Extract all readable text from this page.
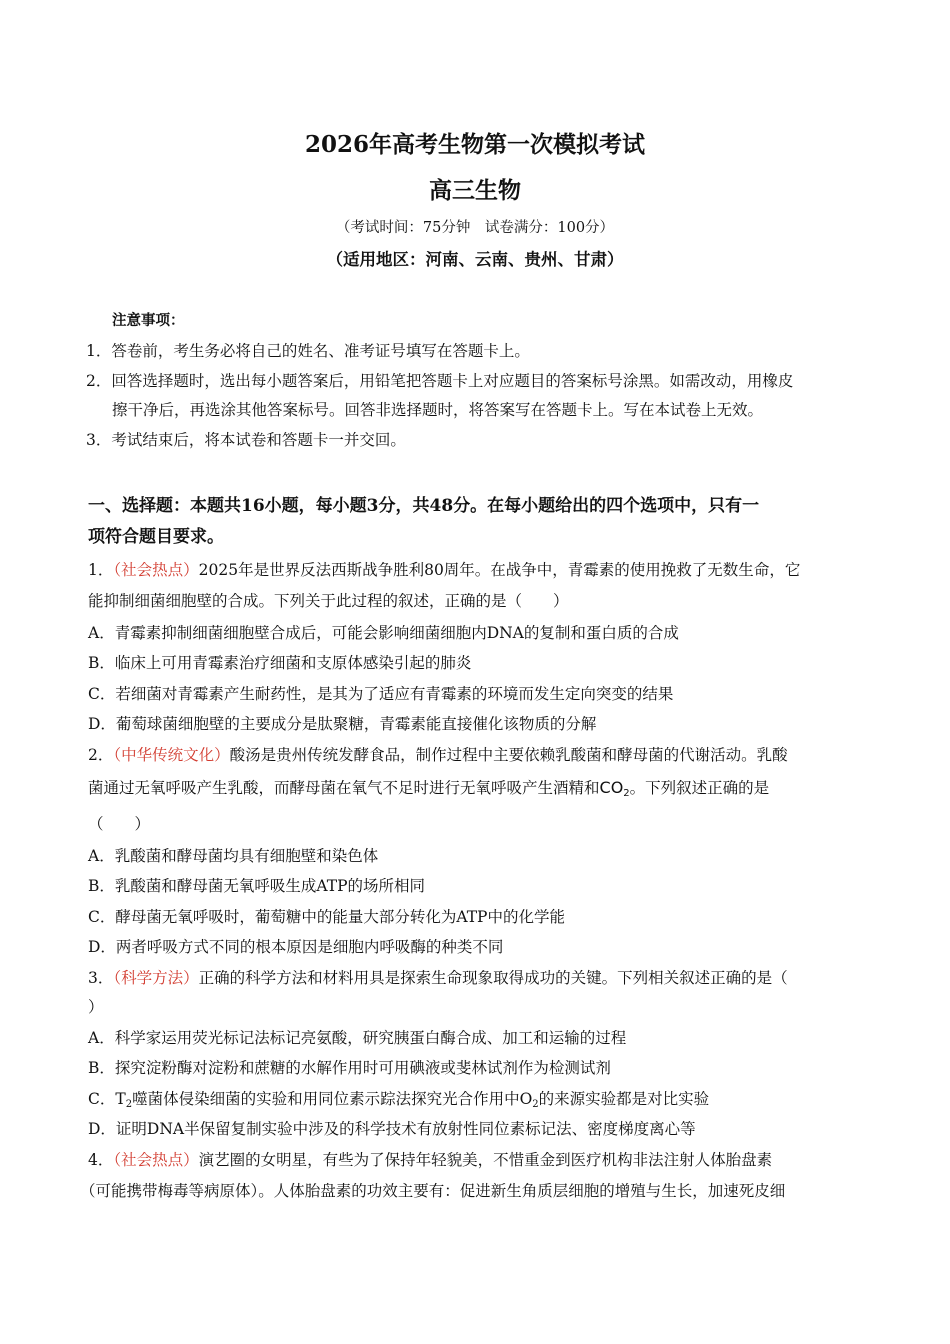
2026年高考生物第一次模拟考试
高三生物
（考试时间：75分钟　试卷满分：100分）
（适用地区：河南、云南、贵州、甘肃）
注意事项：
1．答卷前，考生务必将自己的姓名、准考证号填写在答题卡上。
2．回答选择题时，选出每小题答案后，用铅笔把答题卡上对应题目的答案标号涂黑。如需改动，用橡皮
擦干净后，再选涂其他答案标号。回答非选择题时，将答案写在答题卡上。写在本试卷上无效。
3．考试结束后，将本试卷和答题卡一并交回。
一、选择题：本题共16小题，每小题3分，共48分。在每小题给出的四个选项中，只有一
项符合题目要求。
1．（社会热点）2025年是世界反法西斯战争胜利80周年。在战争中，青霉素的使用挽救了无数生命，它
能抑制细菌细胞壁的合成。下列关于此过程的叙述，正确的是（　　）
A．青霉素抑制细菌细胞壁合成后，可能会影响细菌细胞内DNA的复制和蛋白质的合成
B．临床上可用青霉素治疗细菌和支原体感染引起的肺炎
C．若细菌对青霉素产生耐药性，是其为了适应有青霉素的环境而发生定向突变的结果
D．葡萄球菌细胞壁的主要成分是肽聚糖，青霉素能直接催化该物质的分解
2．（中华传统文化）酸汤是贵州传统发酵食品，制作过程中主要依赖乳酸菌和酵母菌的代谢活动。乳酸
菌通过无氧呼吸产生乳酸，而酵母菌在氧气不足时进行无氧呼吸产生酒精和$CO_2$。下列叙述正确的是
（　　）
A．乳酸菌和酵母菌均具有细胞壁和染色体
B．乳酸菌和酵母菌无氧呼吸生成ATP的场所相同
C．酵母菌无氧呼吸时，葡萄糖中的能量大部分转化为ATP中的化学能
D．两者呼吸方式不同的根本原因是细胞内呼吸酶的种类不同
3．（科学方法）正确的科学方法和材料用具是探索生命现象取得成功的关键。下列相关叙述正确的是（
）
A．科学家运用荧光标记法标记亮氨酸，研究胰蛋白酶合成、加工和运输的过程
B．探究淀粉酶对淀粉和蔗糖的水解作用时可用碘液或斐林试剂作为检测试剂
C．$T_2$噬菌体侵染细菌的实验和用同位素示踪法探究光合作用中$O_2$的来源实验都是对比实验
D．证明DNA半保留复制实验中涉及的科学技术有放射性同位素标记法、密度梯度离心等
4．（社会热点）演艺圈的女明星，有些为了保持年轻貌美，不惜重金到医疗机构非法注射人体胎盘素
（可能携带梅毒等病原体）。人体胎盘素的功效主要有：促进新生角质层细胞的增殖与生长，加速死皮细
